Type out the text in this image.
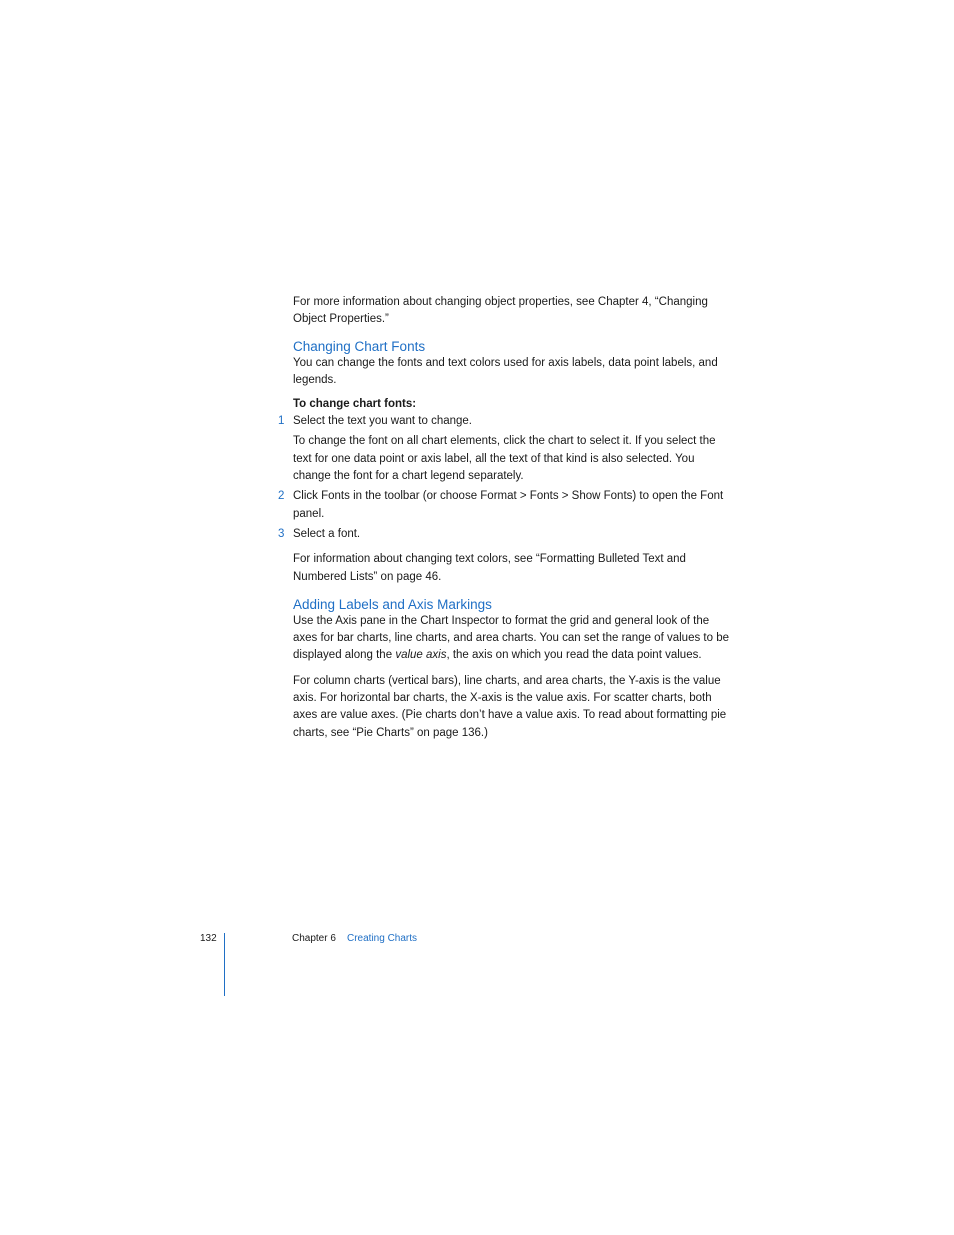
For more information about changing object properties, see Chapter 4, “Changing Object Properties.”

Changing Chart Fonts

You can change the fonts and text colors used for axis labels, data point labels, and legends.

To change chart fonts:

1 Select the text you want to change.

To change the font on all chart elements, click the chart to select it. If you select the text for one data point or axis label, all the text of that kind is also selected. You change the font for a chart legend separately.

2 Click Fonts in the toolbar (or choose Format > Fonts > Show Fonts) to open the Font panel.
3 Select a font.

For information about changing text colors, see “Formatting Bulleted Text and Numbered Lists” on page 46.

Adding Labels and Axis Markings

Use the Axis pane in the Chart Inspector to format the grid and general look of the axes for bar charts, line charts, and area charts. You can set the range of values to be displayed along the value axis, the axis on which you read the data point values.

For column charts (vertical bars), line charts, and area charts, the Y-axis is the value axis. For horizontal bar charts, the X-axis is the value axis. For scatter charts, both axes are value axes. (Pie charts don’t have a value axis. To read about formatting pie charts, see “Pie Charts” on page 136.)

132	Chapter 6 Creating Charts
